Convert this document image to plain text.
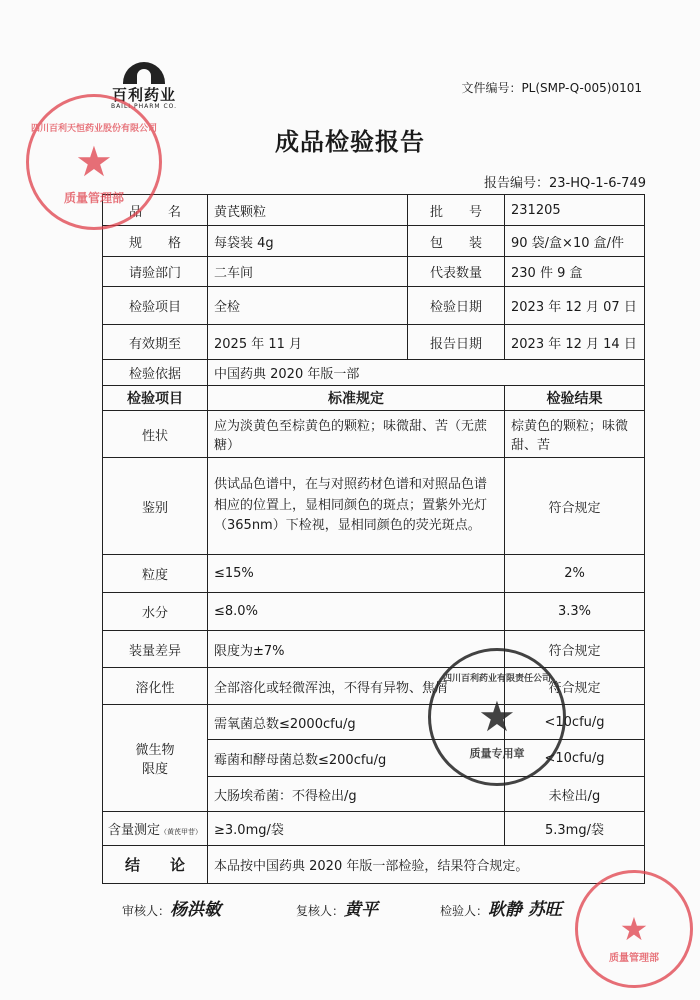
百利药业
BAILI PHARM CO.
文件编号：PL(SMP-Q-005)0101
成品检验报告
报告编号：23-HQ-1-6-749
品　　名	黄芪颗粒	批　　号	231205
规　　格	每袋装 4g	包　　装	90 袋/盒×10 盒/件
请验部门	二车间	代表数量	230 件 9 盒
检验项目	全检	检验日期	2023 年 12 月 07 日
有效期至	2025 年 11 月	报告日期	2023 年 12 月 14 日
检验依据	中国药典 2020 年版一部		
检验项目	标准规定		检验结果
性状	应为淡黄色至棕黄色的颗粒；味微甜、苦（无蔗糖）		棕黄色的颗粒；味微甜、苦
鉴别	供试品色谱中，在与对照药材色谱和对照品色谱相应的位置上，显相同颜色的斑点；置紫外光灯（365nm）下检视，显相同颜色的荧光斑点。		符合规定
粒度	≤15%		2%
水分	≤8.0%		3.3%
装量差异	限度为±7%		符合规定
溶化性	全部溶化或轻微浑浊，不得有异物、焦屑		符合规定

微生物
限度	需氧菌总数≤2000cfu/g		<10cfu/g
	霉菌和酵母菌总数≤200cfu/g		<10cfu/g
	大肠埃希菌：不得检出/g		未检出/g
含量测定（黄芪甲苷）	≥3.0mg/袋		5.3mg/袋
结　　论	本品按中国药典 2020 年版一部检验，结果符合规定。		
四川百利天恒药业股份有限公司
★
质量管理部
四川百利药业有限责任公司
★
质量专用章
★
质量管理部
审核人：杨洪敏	复核人：黄平	检验人：耿静 苏旺
